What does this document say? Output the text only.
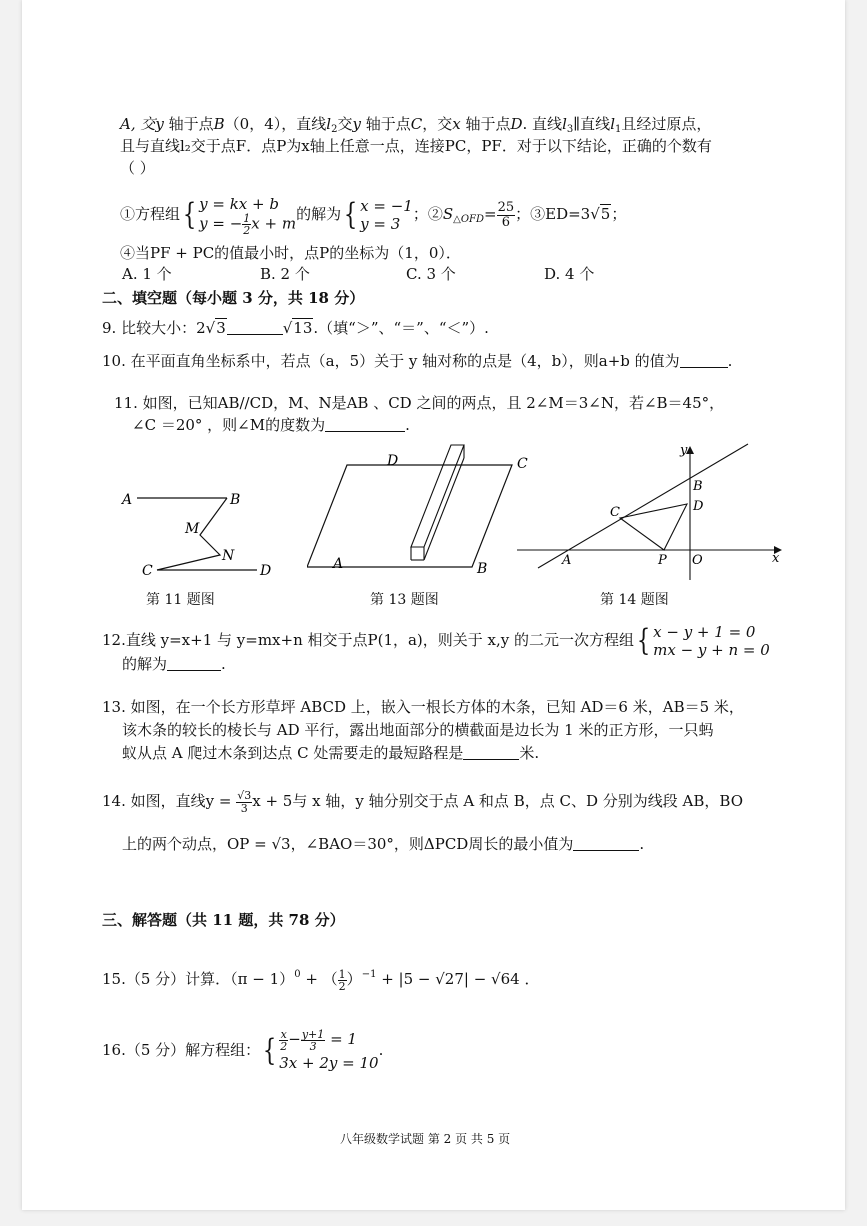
A, 交y 轴于点B（0，4），直线$l_2$交y 轴于点C，交x 轴于点D. 直线$l_3\parallel$直线$l_1$且经过原点，
且与直线l₂交于点F．点P为x轴上任意一点，连接PC，PF．对于以下结论，正确的个数有
（ ）
①方程组{ y = kx + b
y = − $\frac{1}{2}$ x + m 的解为{ x = −1
y = 3
；$②S_{\triangle OFD}= \frac{25}{6}$ ；③ED=3√5；
④当PF + PC的值最小时，点P的坐标为（1，0）．
A. 1 个	B. 2 个	C. 3 个	D. 4 个
二、填空题（每小题 3 分，共 18 分）
9. 比较大小：2√3	√13.（填“＞”、“＝”、“＜”）.
10. 在平面直角坐标系中，若点（a，5）关于 y 轴对称的点是（4，b），则a+b 的值为	.
11. 如图，已知AB//CD，M、N是AB 、CD 之间的两点，且 2∠M＝3∠N，若∠B＝45°，
∠C ＝20° ，则∠M的度数为	.
A	B
M
N
C	D
第 11 题图
D	C
A	B
第 13 题图
y
x
B
D
C
A	P O
第 14 题图
12.直线 y=x+1 与 y=mx+n 相交于点P(1，a)，则关于 x,y 的二元一次方程组{ x − y + 1 = 0
mx − y + n = 0
的解为	.
13. 如图，在一个长方形草坪 ABCD 上，嵌入一根长方体的木条，已知 AD＝6 米，AB＝5 米，
该木条的较长的棱长与 AD 平行，露出地面部分的横截面是边长为 1 米的正方形，一只蚂
蚁从点 A 爬过木条到达点 C 处需要走的最短路程是	米.
14. 如图，直线$y = \frac{√3}{3}$ x + 5与 x 轴，y 轴分别交于点 A 和点 B，点 C、D 分别为线段 AB，BO
上的两个动点，OP = √3，∠BAO＝30°，则ΔPCD周长的最小值为	.
三、解答题（共 11 题，共 78 分）
15.（5 分）计算．$(\pi - 1)^0$ + （ $\frac{1}{2} )^{-1} + |5 - √27| - √64$ ．
16.（5 分）解方程组：{ $\frac{x}{2} - \frac{y+1}{3} = 1$
3x + 2y = 10
.
八年级数学试题 第 2 页 共 5 页
